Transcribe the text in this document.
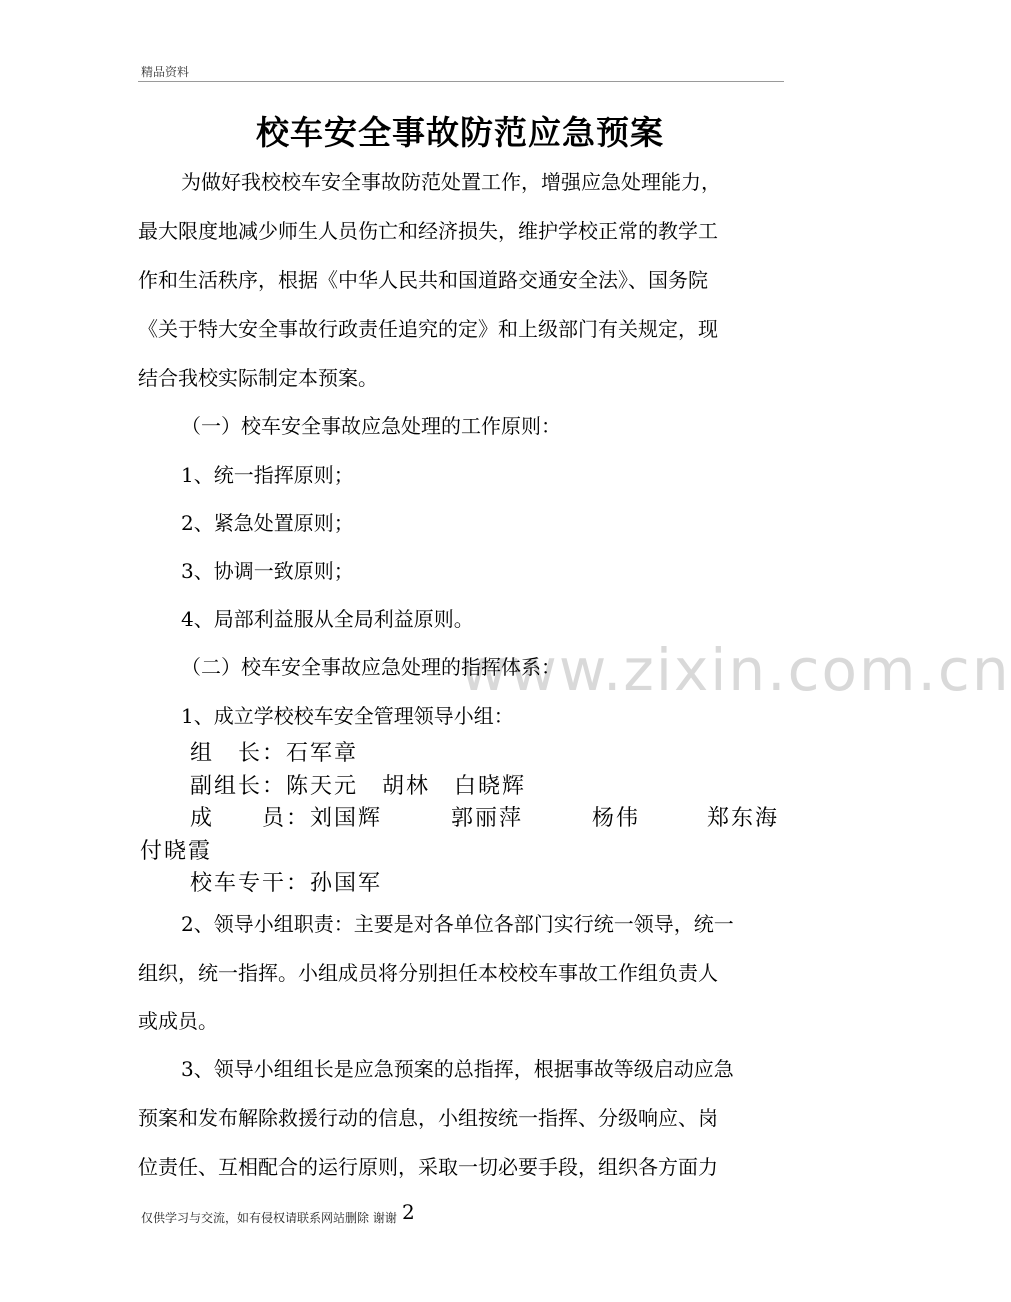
精品资料
www.zixin.com.cn
校车安全事故防范应急预案
为做好我校校车安全事故防范处置工作，增强应急处理能力，
最大限度地减少师生人员伤亡和经济损失，维护学校正常的教学工
作和生活秩序，根据《中华人民共和国道路交通安全法》、国务院
《关于特大安全事故行政责任追究的定》和上级部门有关规定，现
结合我校实际制定本预案。
（一）校车安全事故应急处理的工作原则：
1、统一指挥原则；
2、紧急处置原则；
3、协调一致原则；
4、局部利益服从全局利益原则。
（二）校车安全事故应急处理的指挥体系：
1、成立学校校车安全管理领导小组：
组　长：石军章
副组长：陈天元　胡林　白晓辉
成　　员：刘国辉	郭丽萍	杨伟	郑东海
付晓霞
校车专干：孙国军
2、领导小组职责：主要是对各单位各部门实行统一领导，统一
组织，统一指挥。小组成员将分别担任本校校车事故工作组负责人
或成员。
3、领导小组组长是应急预案的总指挥，根据事故等级启动应急
预案和发布解除救援行动的信息，小组按统一指挥、分级响应、岗
位责任、互相配合的运行原则，采取一切必要手段，组织各方面力
仅供学习与交流，如有侵权请联系网站删除 谢谢 2
